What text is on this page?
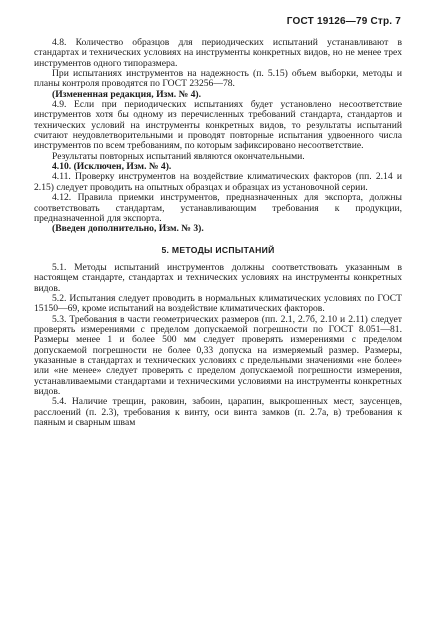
ГОСТ 19126—79 Стр. 7

4.8. Количество образцов для периодических испытаний устанавливают в стандартах и технических условиях на инструменты конкретных видов, но не менее трех инструментов одного типоразмера.

При испытаниях инструментов на надежность (п. 5.15) объем выборки, методы и планы контроля проводятся по ГОСТ 23256—78.

(Измененная редакция, Изм. № 4).

4.9. Если при периодических испытаниях будет установлено несоответствие инструментов хотя бы одному из перечисленных требований стандарта, стандартов и технических условий на инструменты конкретных видов, то результаты испытаний считают неудовлетворительными и проводят повторные испытания удвоенного числа инструментов по всем требованиям, по которым зафиксировано несоответствие.

Результаты повторных испытаний являются окончательными.

4.10. (Исключен, Изм. № 4).

4.11. Проверку инструментов на воздействие климатических факторов (пп. 2.14 и 2.15) следует проводить на опытных образцах и образцах из установочной серии.

4.12. Правила приемки инструментов, предназначенных для экспорта, должны соответствовать стандартам, устанавливающим требования к продукции, предназначенной для экспорта.

(Введен дополнительно, Изм. № 3).

5. МЕТОДЫ ИСПЫТАНИЙ

5.1. Методы испытаний инструментов должны соответствовать указанным в настоящем стандарте, стандартах и технических условиях на инструменты конкретных видов.

5.2. Испытания следует проводить в нормальных климатических условиях по ГОСТ 15150—69, кроме испытаний на воздействие климатических факторов.

5.3. Требования в части геометрических размеров (пп. 2.1, 2.7б, 2.10 и 2.11) следует проверять измерениями с пределом допускаемой погрешности по ГОСТ 8.051—81. Размеры менее 1 и более 500 мм следует проверять измерениями с пределом допускаемой погрешности не более 0,33 допуска на измеряемый размер. Размеры, указанные в стандартах и технических условиях с предельными значениями «не более» или «не менее» следует проверять с пределом допускаемой погрешности измерения, устанавливаемыми стандартами и техническими условиями на инструменты конкретных видов.

5.4. Наличие трещин, раковин, забоин, царапин, выкрошенных мест, заусенцев, расслоений (п. 2.3), требования к винту, оси винта замков (п. 2.7а, в) требования к паяным и сварным швам
